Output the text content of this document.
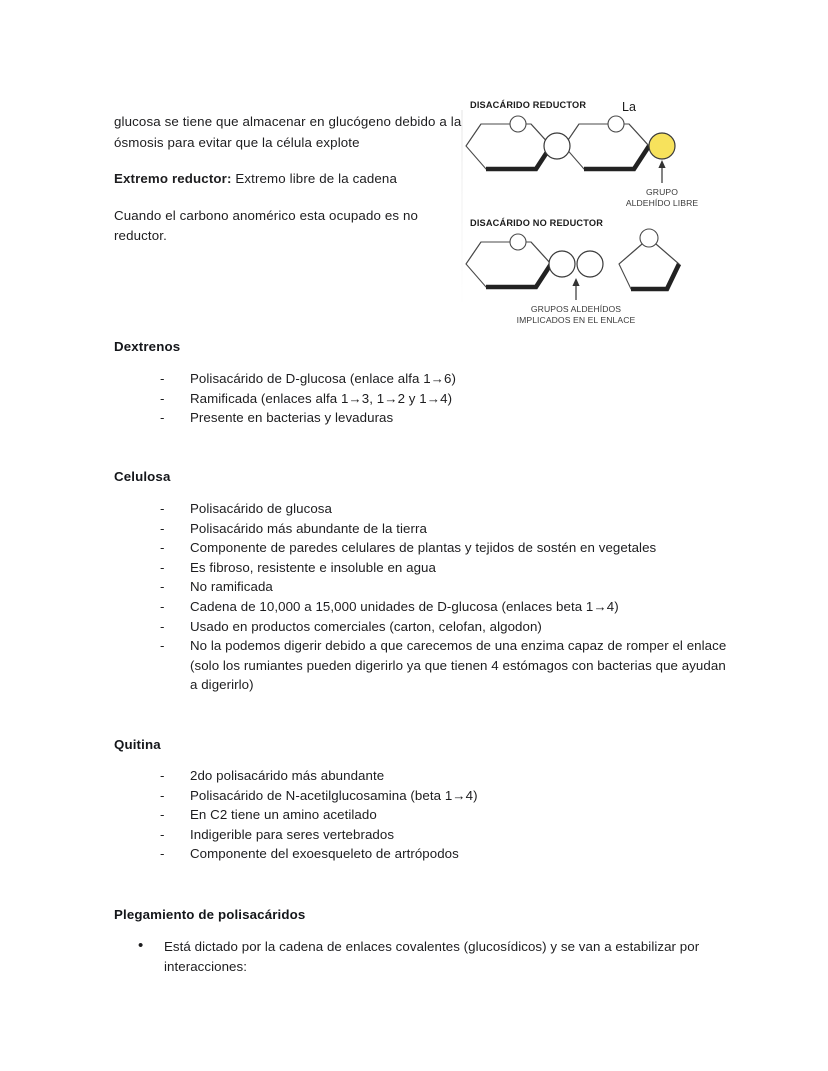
glucosa se tiene que almacenar en glucógeno debido a la ósmosis para evitar que la célula explote

Extremo reductor: Extremo libre de la cadena

Cuando el carbono anomérico esta ocupado es no reductor.

DISACÁRIDO REDUCTOR	La
GRUPO
ALDEHÍDO LIBRE
DISACÁRIDO NO REDUCTOR
GRUPOS ALDEHÍDOS
IMPLICADOS EN EL ENLACE
Dextrenos
-	Polisacárido de D-glucosa (enlace alfa 1→6)
-	Ramificada (enlaces alfa 1→3, 1→2 y 1→4)
-	Presente en bacterias y levaduras
Celulosa
-	Polisacárido de glucosa
-	Polisacárido más abundante de la tierra
-	Componente de paredes celulares de plantas y tejidos de sostén en vegetales
-	Es fibroso, resistente e insoluble en agua
-	No ramificada
-	Cadena de 10,000 a 15,000 unidades de D-glucosa (enlaces beta 1→4)
-	Usado en productos comerciales (carton, celofan, algodon)
-	No la podemos digerir debido a que carecemos de una enzima capaz de romper el enlace (solo los rumiantes pueden digerirlo ya que tienen 4 estómagos con bacterias que ayudan a digerirlo)
Quitina
-	2do polisacárido más abundante
-	Polisacárido de N-acetilglucosamina (beta 1→4)
-	En C2 tiene un amino acetilado
-	Indigerible para seres vertebrados
-	Componente del exoesqueleto de artrópodos
Plegamiento de polisacáridos
•	Está dictado por la cadena de enlaces covalentes (glucosídicos) y se van a estabilizar por interacciones:
